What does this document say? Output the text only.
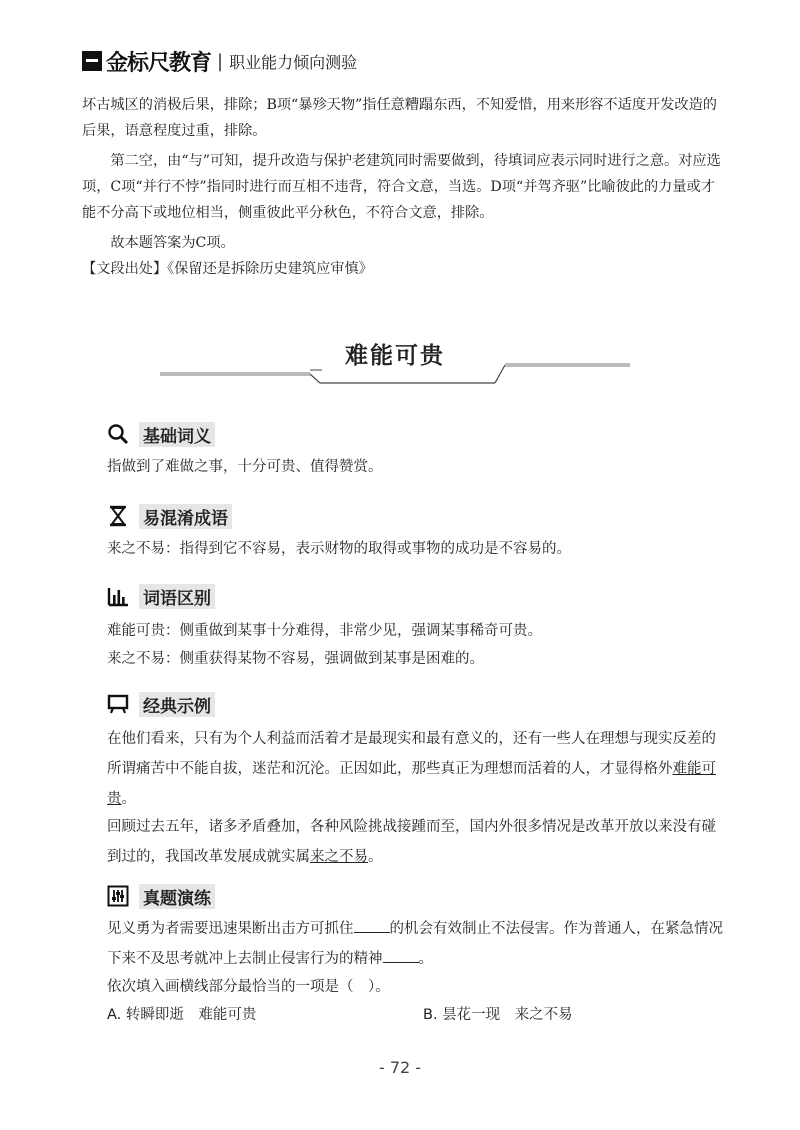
金标尺教育 | 职业能力倾向测验

坏古城区的消极后果，排除；B项“暴殄天物”指任意糟蹋东西，不知爱惜，用来形容不适度开发改造的后果，语意程度过重，排除。

第二空，由“与”可知，提升改造与保护老建筑同时需要做到，待填词应表示同时进行之意。对应选项，C项“并行不悖”指同时进行而互相不违背，符合文意，当选。D项“并驾齐驱”比喻彼此的力量或才能不分高下或地位相当，侧重彼此平分秋色，不符合文意，排除。

故本题答案为C项。

【文段出处】《保留还是拆除历史建筑应审慎》

难能可贵
基础词义

指做到了难做之事，十分可贵、值得赞赏。

易混淆成语

来之不易：指得到它不容易，表示财物的取得或事物的成功是不容易的。

词语区别

难能可贵：侧重做到某事十分难得，非常少见，强调某事稀奇可贵。

来之不易：侧重获得某物不容易，强调做到某事是困难的。

经典示例

在他们看来，只有为个人利益而活着才是最现实和最有意义的，还有一些人在理想与现实反差的所谓痛苦中不能自拔，迷茫和沉沦。正因如此，那些真正为理想而活着的人，才显得格外难能可贵。

回顾过去五年，诸多矛盾叠加，各种风险挑战接踵而至，国内外很多情况是改革开放以来没有碰到过的，我国改革发展成就实属来之不易。

真题演练

见义勇为者需要迅速果断出击方可抓住 的机会有效制止不法侵害。作为普通人，在紧急情况下来不及思考就冲上去制止侵害行为的精神 。

依次填入画横线部分最恰当的一项是（　）。

A. 转瞬即逝　难能可贵	B. 昙花一现　来之不易
- 72 -
